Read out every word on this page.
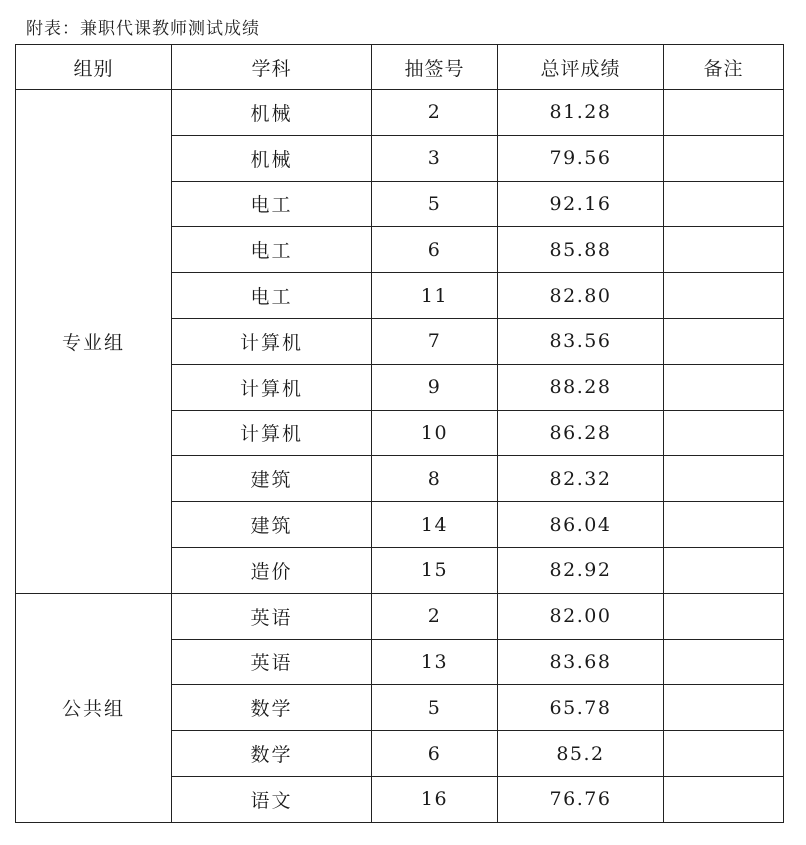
附表：兼职代课教师测试成绩
组别	学科	抽签号	总评成绩	备注
专业组	机械	2	81.28	
	机械	3	79.56	
	电工	5	92.16	
	电工	6	85.88	
	电工	11	82.80	
	计算机	7	83.56	
	计算机	9	88.28	
	计算机	10	86.28	
	建筑	8	82.32	
	建筑	14	86.04	
	造价	15	82.92	
公共组	英语	2	82.00	
	英语	13	83.68	
	数学	5	65.78	
	数学	6	85.2	
	语文	16	76.76	
